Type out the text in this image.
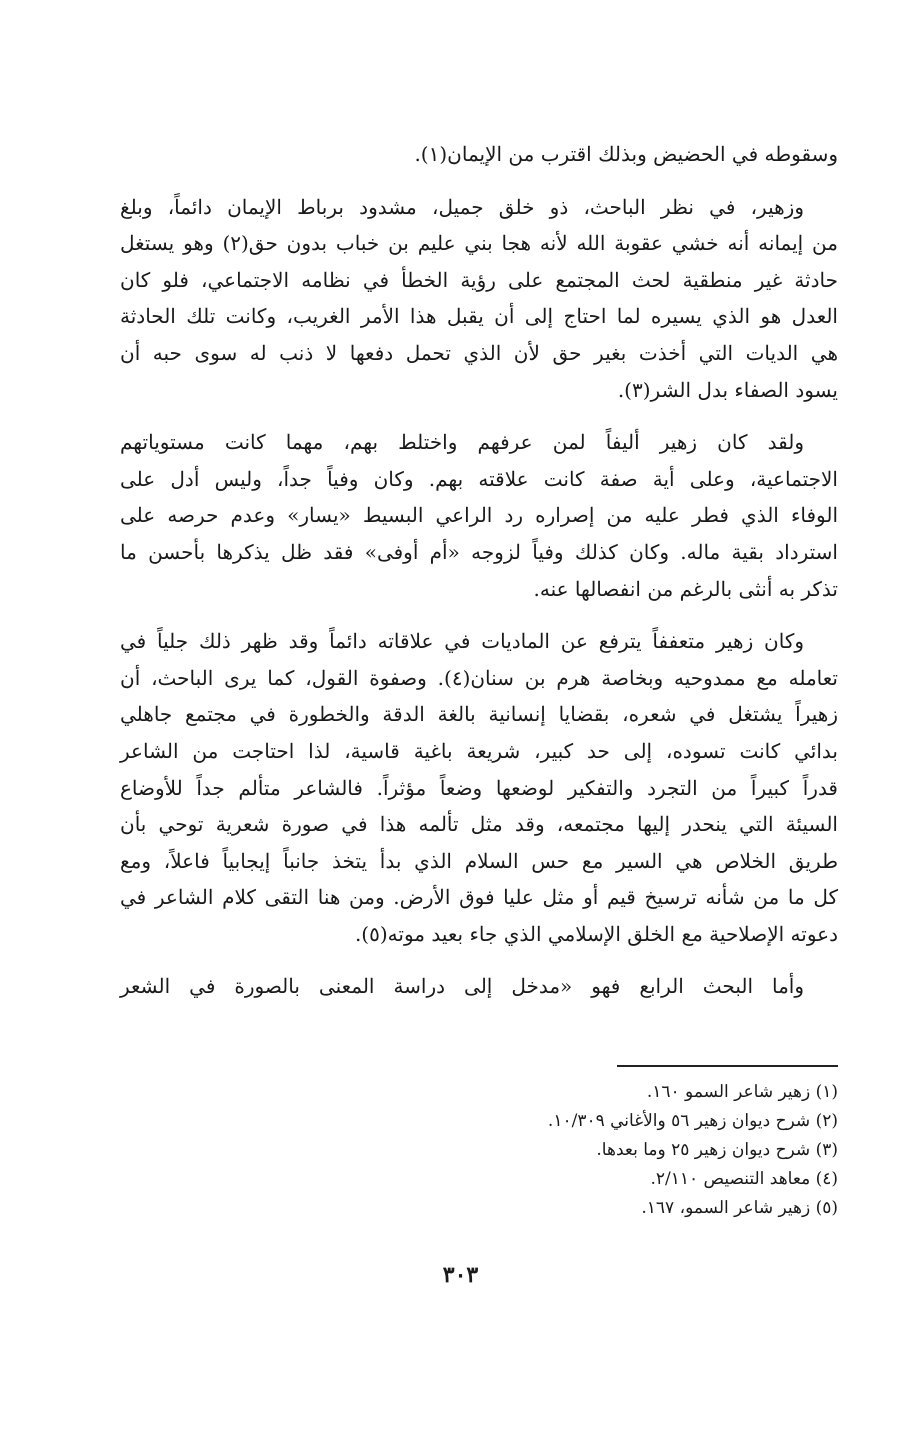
وسقوطه في الحضيض وبذلك اقترب من الإيمان(١).
وزهير، في نظر الباحث، ذو خلق جميل، مشدود برباط الإيمان دائماً، وبلغ
من إيمانه أنه خشي عقوبة الله لأنه هجا بني عليم بن خباب بدون حق(٢) وهو يستغل
حادثة غير منطقية لحث المجتمع على رؤية الخطأ في نظامه الاجتماعي، فلو كان
العدل هو الذي يسيره لما احتاج إلى أن يقبل هذا الأمر الغريب، وكانت تلك الحادثة
هي الديات التي أخذت بغير حق لأن الذي تحمل دفعها لا ذنب له سوى حبه أن
يسود الصفاء بدل الشر(٣).
ولقد كان زهير أليفاً لمن عرفهم واختلط بهم، مهما كانت مستوياتهم
الاجتماعية، وعلى أية صفة كانت علاقته بهم. وكان وفياً جداً، وليس أدل على
الوفاء الذي فطر عليه من إصراره رد الراعي البسيط «يسار» وعدم حرصه على
استرداد بقية ماله. وكان كذلك وفياً لزوجه «أم أوفى» فقد ظل يذكرها بأحسن ما
تذكر به أنثى بالرغم من انفصالها عنه.
وكان زهير متعففاً يترفع عن الماديات في علاقاته دائماً وقد ظهر ذلك جلياً في
تعامله مع ممدوحيه وبخاصة هرم بن سنان(٤). وصفوة القول، كما يرى الباحث، أن
زهيراً يشتغل في شعره، بقضايا إنسانية بالغة الدقة والخطورة في مجتمع جاهلي
بدائي كانت تسوده، إلى حد كبير، شريعة باغية قاسية، لذا احتاجت من الشاعر
قدراً كبيراً من التجرد والتفكير لوضعها وضعاً مؤثراً. فالشاعر متألم جداً للأوضاع
السيئة التي ينحدر إليها مجتمعه، وقد مثل تألمه هذا في صورة شعرية توحي بأن
طريق الخلاص هي السير مع حس السلام الذي بدأ يتخذ جانباً إيجابياً فاعلاً، ومع
كل ما من شأنه ترسيخ قيم أو مثل عليا فوق الأرض. ومن هنا التقى كلام الشاعر في
دعوته الإصلاحية مع الخلق الإسلامي الذي جاء بعيد موته(٥).
وأما البحث الرابع فهو «مدخل إلى دراسة المعنى بالصورة في الشعر
(١) زهير شاعر السمو ١٦٠.
(٢) شرح ديوان زهير ٥٦ والأغاني ١٠/٣٠٩.
(٣) شرح ديوان زهير ٢٥ وما بعدها.
(٤) معاهد التنصيص ٢/١١٠.
(٥) زهير شاعر السمو، ١٦٧.
٣٠٣
